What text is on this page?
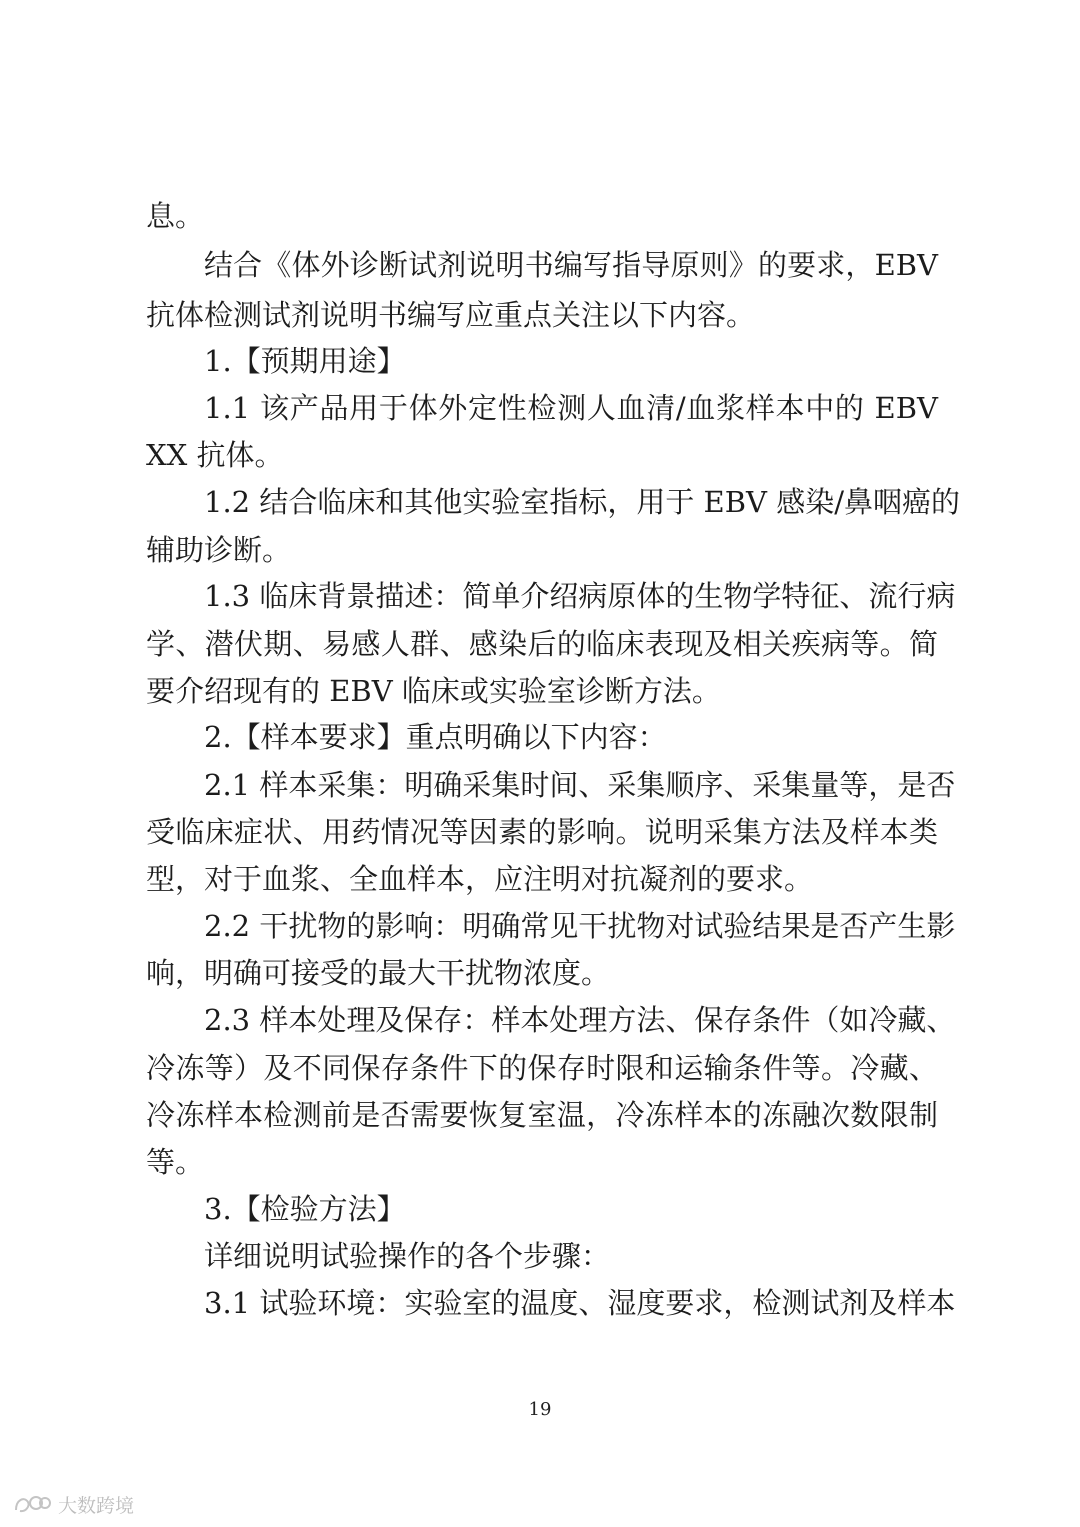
息。

结合《体外诊断试剂说明书编写指导原则》的要求，EBV

抗体检测试剂说明书编写应重点关注以下内容。

1.【预期用途】

1.1 该产品用于体外定性检测人血清/血浆样本中的 EBV

XX 抗体。

1.2 结合临床和其他实验室指标，用于 EBV 感染/鼻咽癌的

辅助诊断。

1.3 临床背景描述：简单介绍病原体的生物学特征、流行病

学、潜伏期、易感人群、感染后的临床表现及相关疾病等。简

要介绍现有的 EBV 临床或实验室诊断方法。

2.【样本要求】重点明确以下内容：

2.1 样本采集：明确采集时间、采集顺序、采集量等，是否

受临床症状、用药情况等因素的影响。说明采集方法及样本类

型，对于血浆、全血样本，应注明对抗凝剂的要求。

2.2 干扰物的影响：明确常见干扰物对试验结果是否产生影

响，明确可接受的最大干扰物浓度。

2.3 样本处理及保存：样本处理方法、保存条件（如冷藏、

冷冻等）及不同保存条件下的保存时限和运输条件等。冷藏、

冷冻样本检测前是否需要恢复室温，冷冻样本的冻融次数限制

等。

3.【检验方法】

详细说明试验操作的各个步骤：

3.1 试验环境：实验室的温度、湿度要求，检测试剂及样本

19
大数跨境
